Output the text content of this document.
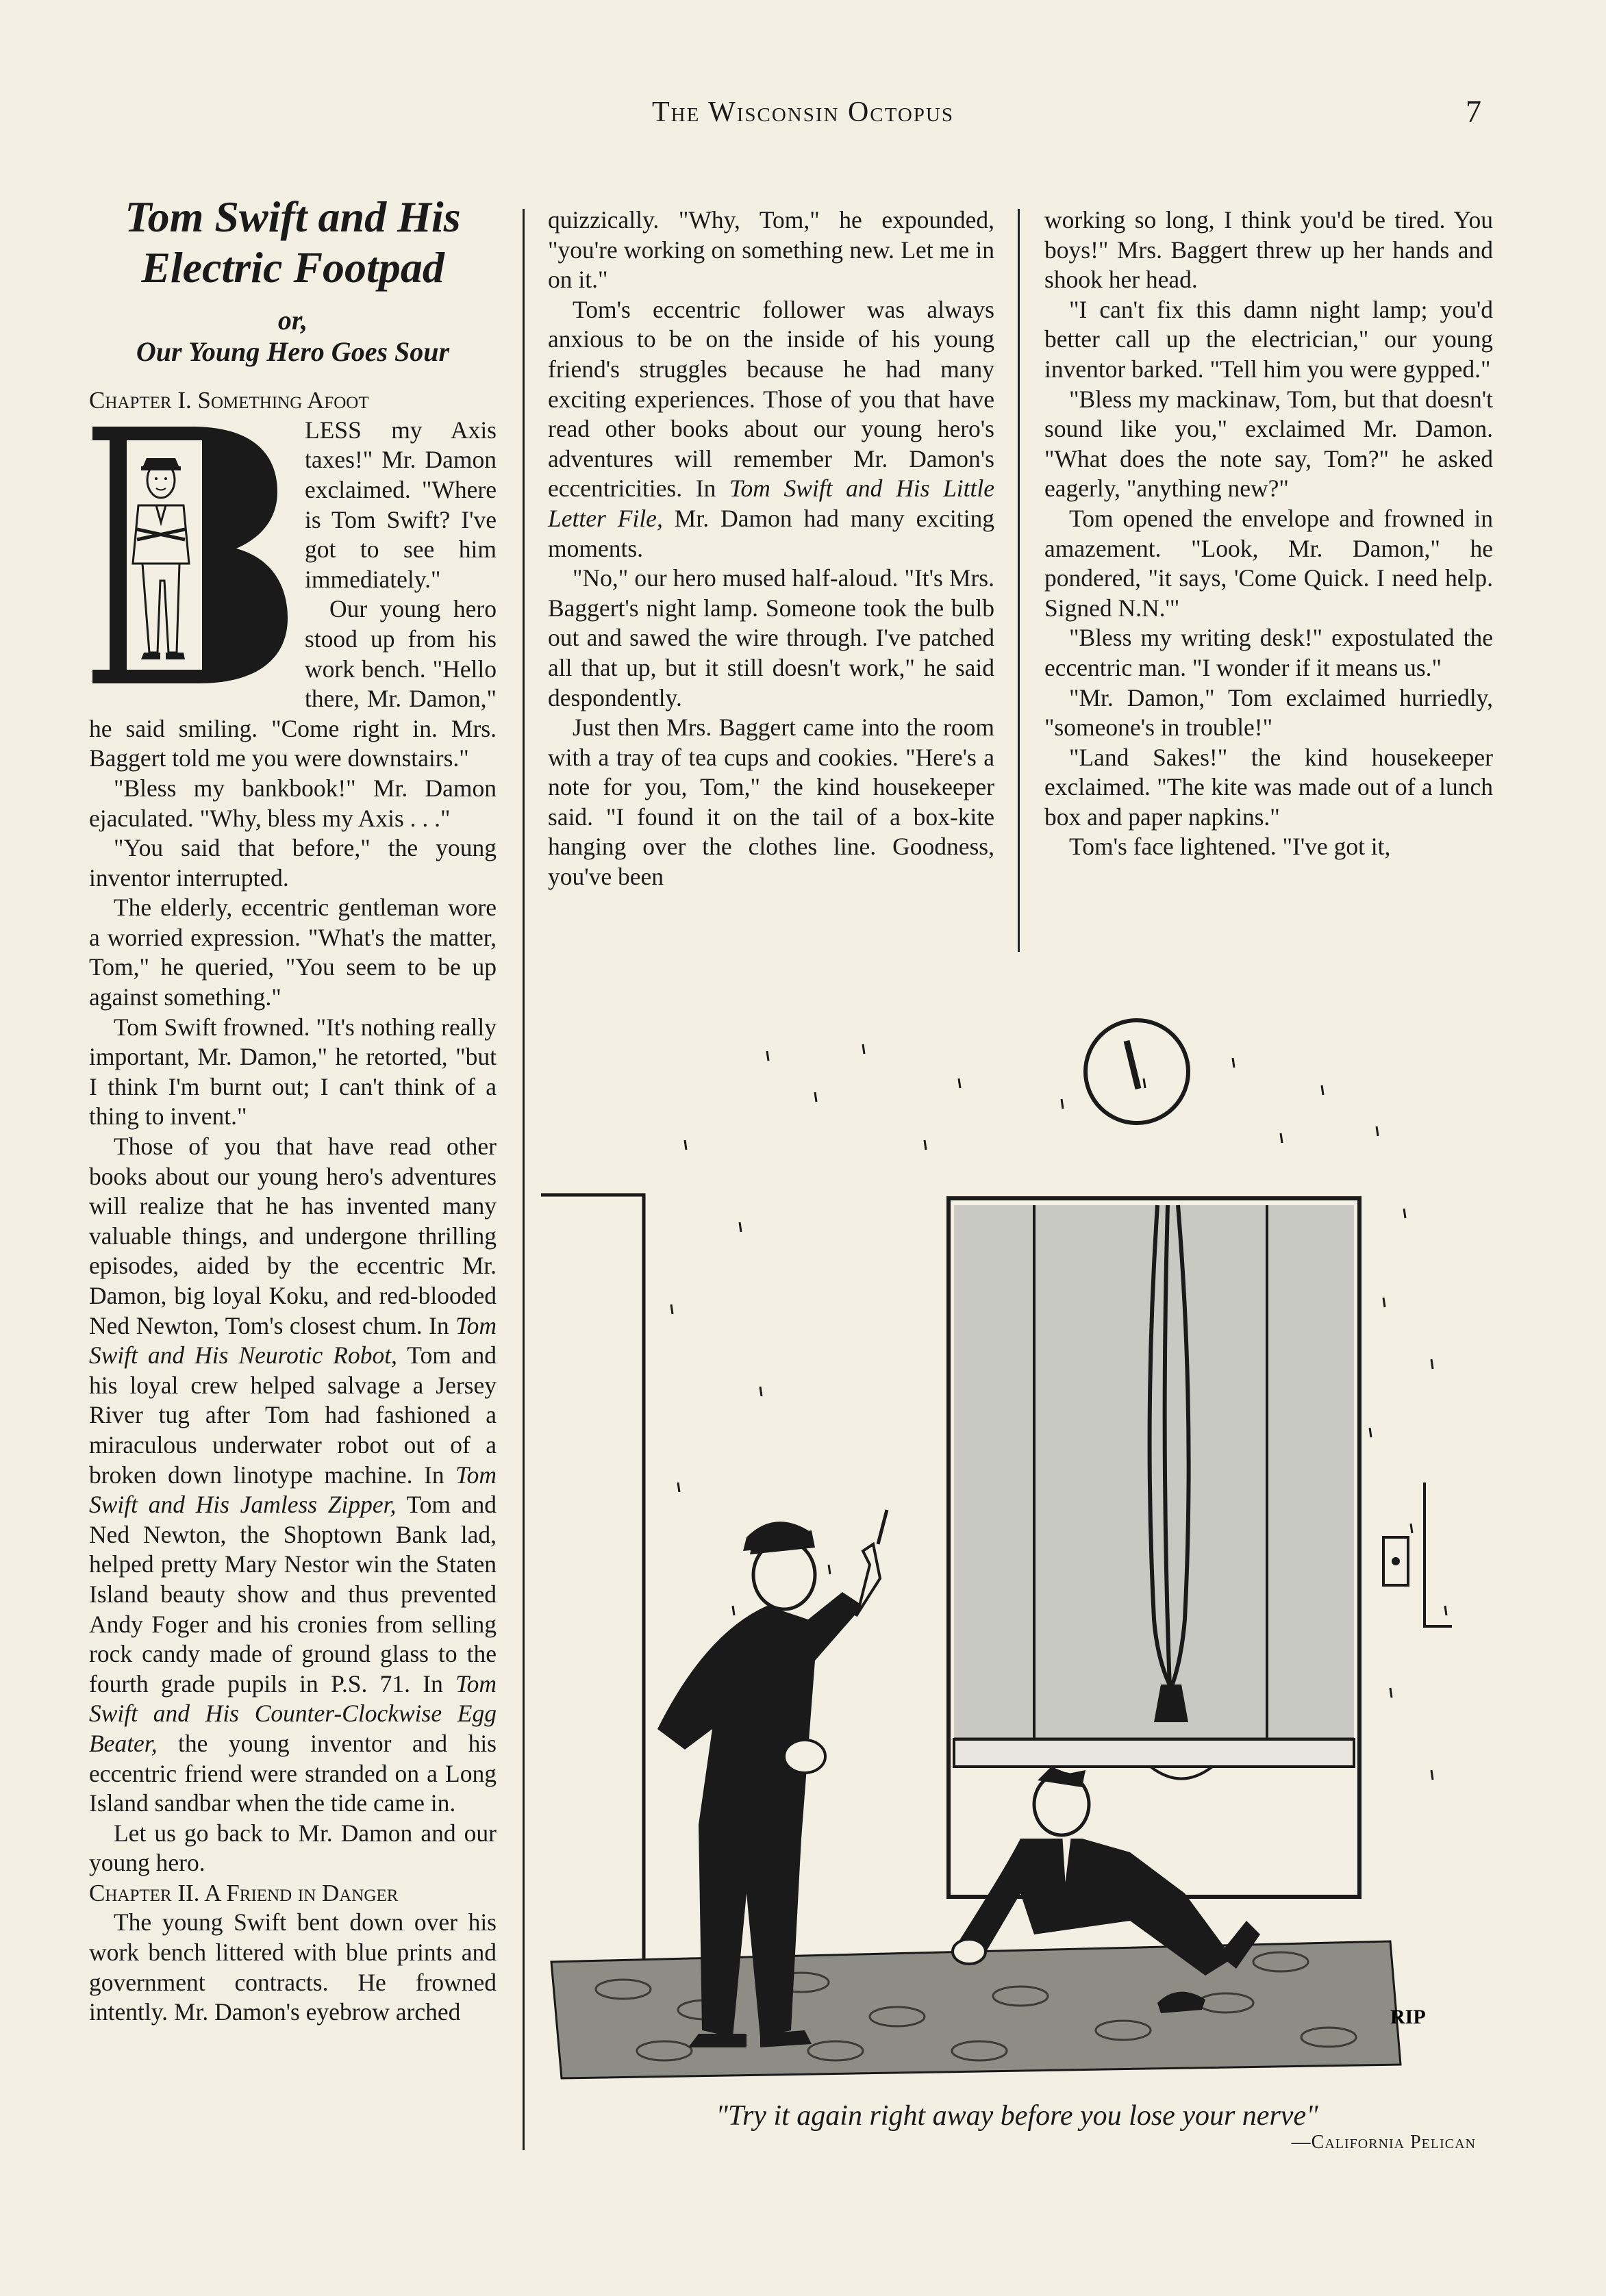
The Wisconsin Octopus	7
Tom Swift and His
Electric Footpad
or,
Our Young Hero Goes Sour

Chapter I. Something Afoot

LESS my Axis taxes!" Mr. Damon exclaimed. "Where is Tom Swift? I've got to see him immediately."

Our young hero stood up from his work bench. "Hello there, Mr. Damon," he said smiling. "Come right in. Mrs. Baggert told me you were downstairs."

"Bless my bankbook!" Mr. Damon ejaculated. "Why, bless my Axis . . ."

"You said that before," the young inventor interrupted.

The elderly, eccentric gentleman wore a worried expression. "What's the matter, Tom," he queried, "You seem to be up against something."

Tom Swift frowned. "It's nothing really important, Mr. Damon," he retorted, "but I think I'm burnt out; I can't think of a thing to invent."

Those of you that have read other books about our young hero's adventures will realize that he has invented many valuable things, and undergone thrilling episodes, aided by the eccentric Mr. Damon, big loyal Koku, and red-blooded Ned Newton, Tom's closest chum. In Tom Swift and His Neurotic Robot, Tom and his loyal crew helped salvage a Jersey River tug after Tom had fashioned a miraculous underwater robot out of a broken down linotype machine. In Tom Swift and His Jamless Zipper, Tom and Ned Newton, the Shoptown Bank lad, helped pretty Mary Nestor win the Staten Island beauty show and thus prevented Andy Foger and his cronies from selling rock candy made of ground glass to the fourth grade pupils in P.S. 71. In Tom Swift and His Counter-Clockwise Egg Beater, the young inventor and his eccentric friend were stranded on a Long Island sandbar when the tide came in.

Let us go back to Mr. Damon and our young hero.

Chapter II. A Friend in Danger

The young Swift bent down over his work bench littered with blue prints and government contracts. He frowned intently. Mr. Damon's eyebrow arched

quizzically. "Why, Tom," he expounded, "you're working on something new. Let me in on it."

Tom's eccentric follower was always anxious to be on the inside of his young friend's struggles because he had many exciting experiences. Those of you that have read other books about our young hero's adventures will remember Mr. Damon's eccentricities. In Tom Swift and His Little Letter File, Mr. Damon had many exciting moments.

"No," our hero mused half-aloud. "It's Mrs. Baggert's night lamp. Someone took the bulb out and sawed the wire through. I've patched all that up, but it still doesn't work," he said despondently.

Just then Mrs. Baggert came into the room with a tray of tea cups and cookies. "Here's a note for you, Tom," the kind housekeeper said. "I found it on the tail of a box-kite hanging over the clothes line. Goodness, you've been

working so long, I think you'd be tired. You boys!" Mrs. Baggert threw up her hands and shook her head.

"I can't fix this damn night lamp; you'd better call up the electrician," our young inventor barked. "Tell him you were gypped."

"Bless my mackinaw, Tom, but that doesn't sound like you," exclaimed Mr. Damon. "What does the note say, Tom?" he asked eagerly, "anything new?"

Tom opened the envelope and frowned in amazement. "Look, Mr. Damon," he pondered, "it says, 'Come Quick. I need help. Signed N.N.'"

"Bless my writing desk!" expostulated the eccentric man. "I wonder if it means us."

"Mr. Damon," Tom exclaimed hurriedly, "someone's in trouble!"

"Land Sakes!" the kind housekeeper exclaimed. "The kite was made out of a lunch box and paper napkins."

Tom's face lightened. "I've got it,

RIP
"Try it again right away before you lose your nerve"
—California Pelican
